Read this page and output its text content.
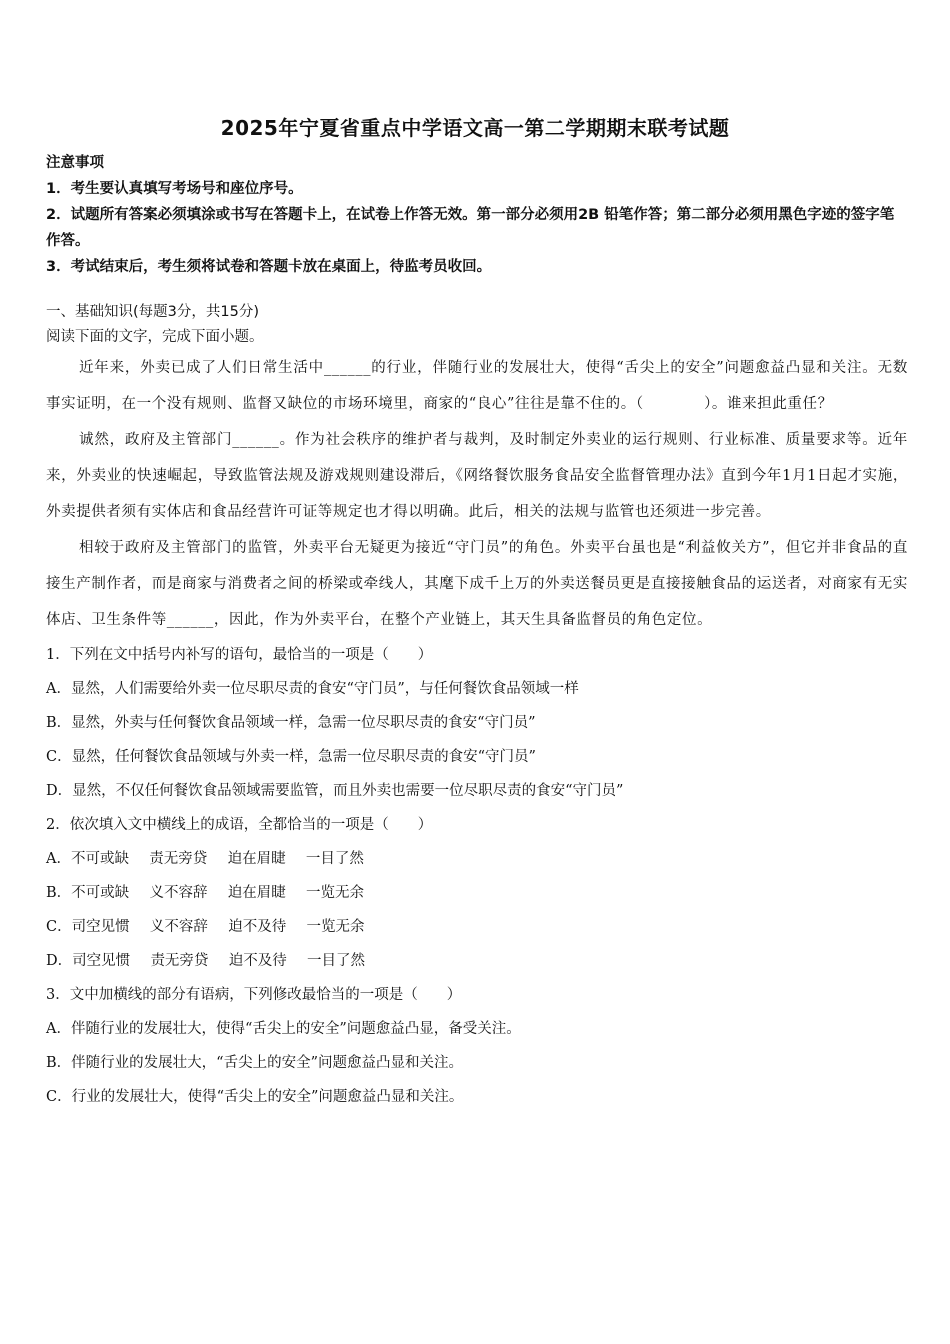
2025年宁夏省重点中学语文高一第二学期期末联考试题

注意事项

1．考生要认真填写考场号和座位序号。

2．试题所有答案必须填涂或书写在答题卡上，在试卷上作答无效。第一部分必须用2B 铅笔作答；第二部分必须用黑色字迹的签字笔作答。

3．考试结束后，考生须将试卷和答题卡放在桌面上，待监考员收回。

一、基础知识(每题3分，共15分)

阅读下面的文字，完成下面小题。

近年来，外卖已成了人们日常生活中______的行业，伴随行业的发展壮大，使得“舌尖上的安全”问题愈益凸显和关注。无数事实证明，在一个没有规则、监督又缺位的市场环境里，商家的“良心”往往是靠不住的。（　　　　）。谁来担此重任？

诚然，政府及主管部门______。作为社会秩序的维护者与裁判，及时制定外卖业的运行规则、行业标准、质量要求等。近年来，外卖业的快速崛起，导致监管法规及游戏规则建设滞后，《网络餐饮服务食品安全监督管理办法》直到今年1月1日起才实施，外卖提供者须有实体店和食品经营许可证等规定也才得以明确。此后，相关的法规与监管也还须进一步完善。

相较于政府及主管部门的监管，外卖平台无疑更为接近“守门员”的角色。外卖平台虽也是“利益攸关方”，但它并非食品的直接生产制作者，而是商家与消费者之间的桥梁或牵线人，其麾下成千上万的外卖送餐员更是直接接触食品的运送者，对商家有无实体店、卫生条件等______，因此，作为外卖平台，在整个产业链上，其天生具备监督员的角色定位。

1．下列在文中括号内补写的语句，最恰当的一项是（　　）

A．显然，人们需要给外卖一位尽职尽责的食安“守门员”，与任何餐饮食品领域一样

B．显然，外卖与任何餐饮食品领域一样，急需一位尽职尽责的食安“守门员”

C．显然，任何餐饮食品领域与外卖一样，急需一位尽职尽责的食安“守门员”

D．显然，不仅任何餐饮食品领域需要监管，而且外卖也需要一位尽职尽责的食安“守门员”

2．依次填入文中横线上的成语，全都恰当的一项是（　　）

A．不可或缺 责无旁贷 迫在眉睫 一目了然

B．不可或缺 义不容辞 迫在眉睫 一览无余

C．司空见惯 义不容辞 迫不及待 一览无余

D．司空见惯 责无旁贷 迫不及待 一目了然

3．文中加横线的部分有语病，下列修改最恰当的一项是（　　）

A．伴随行业的发展壮大，使得“舌尖上的安全”问题愈益凸显，备受关注。

B．伴随行业的发展壮大，“舌尖上的安全”问题愈益凸显和关注。

C．行业的发展壮大，使得“舌尖上的安全”问题愈益凸显和关注。
